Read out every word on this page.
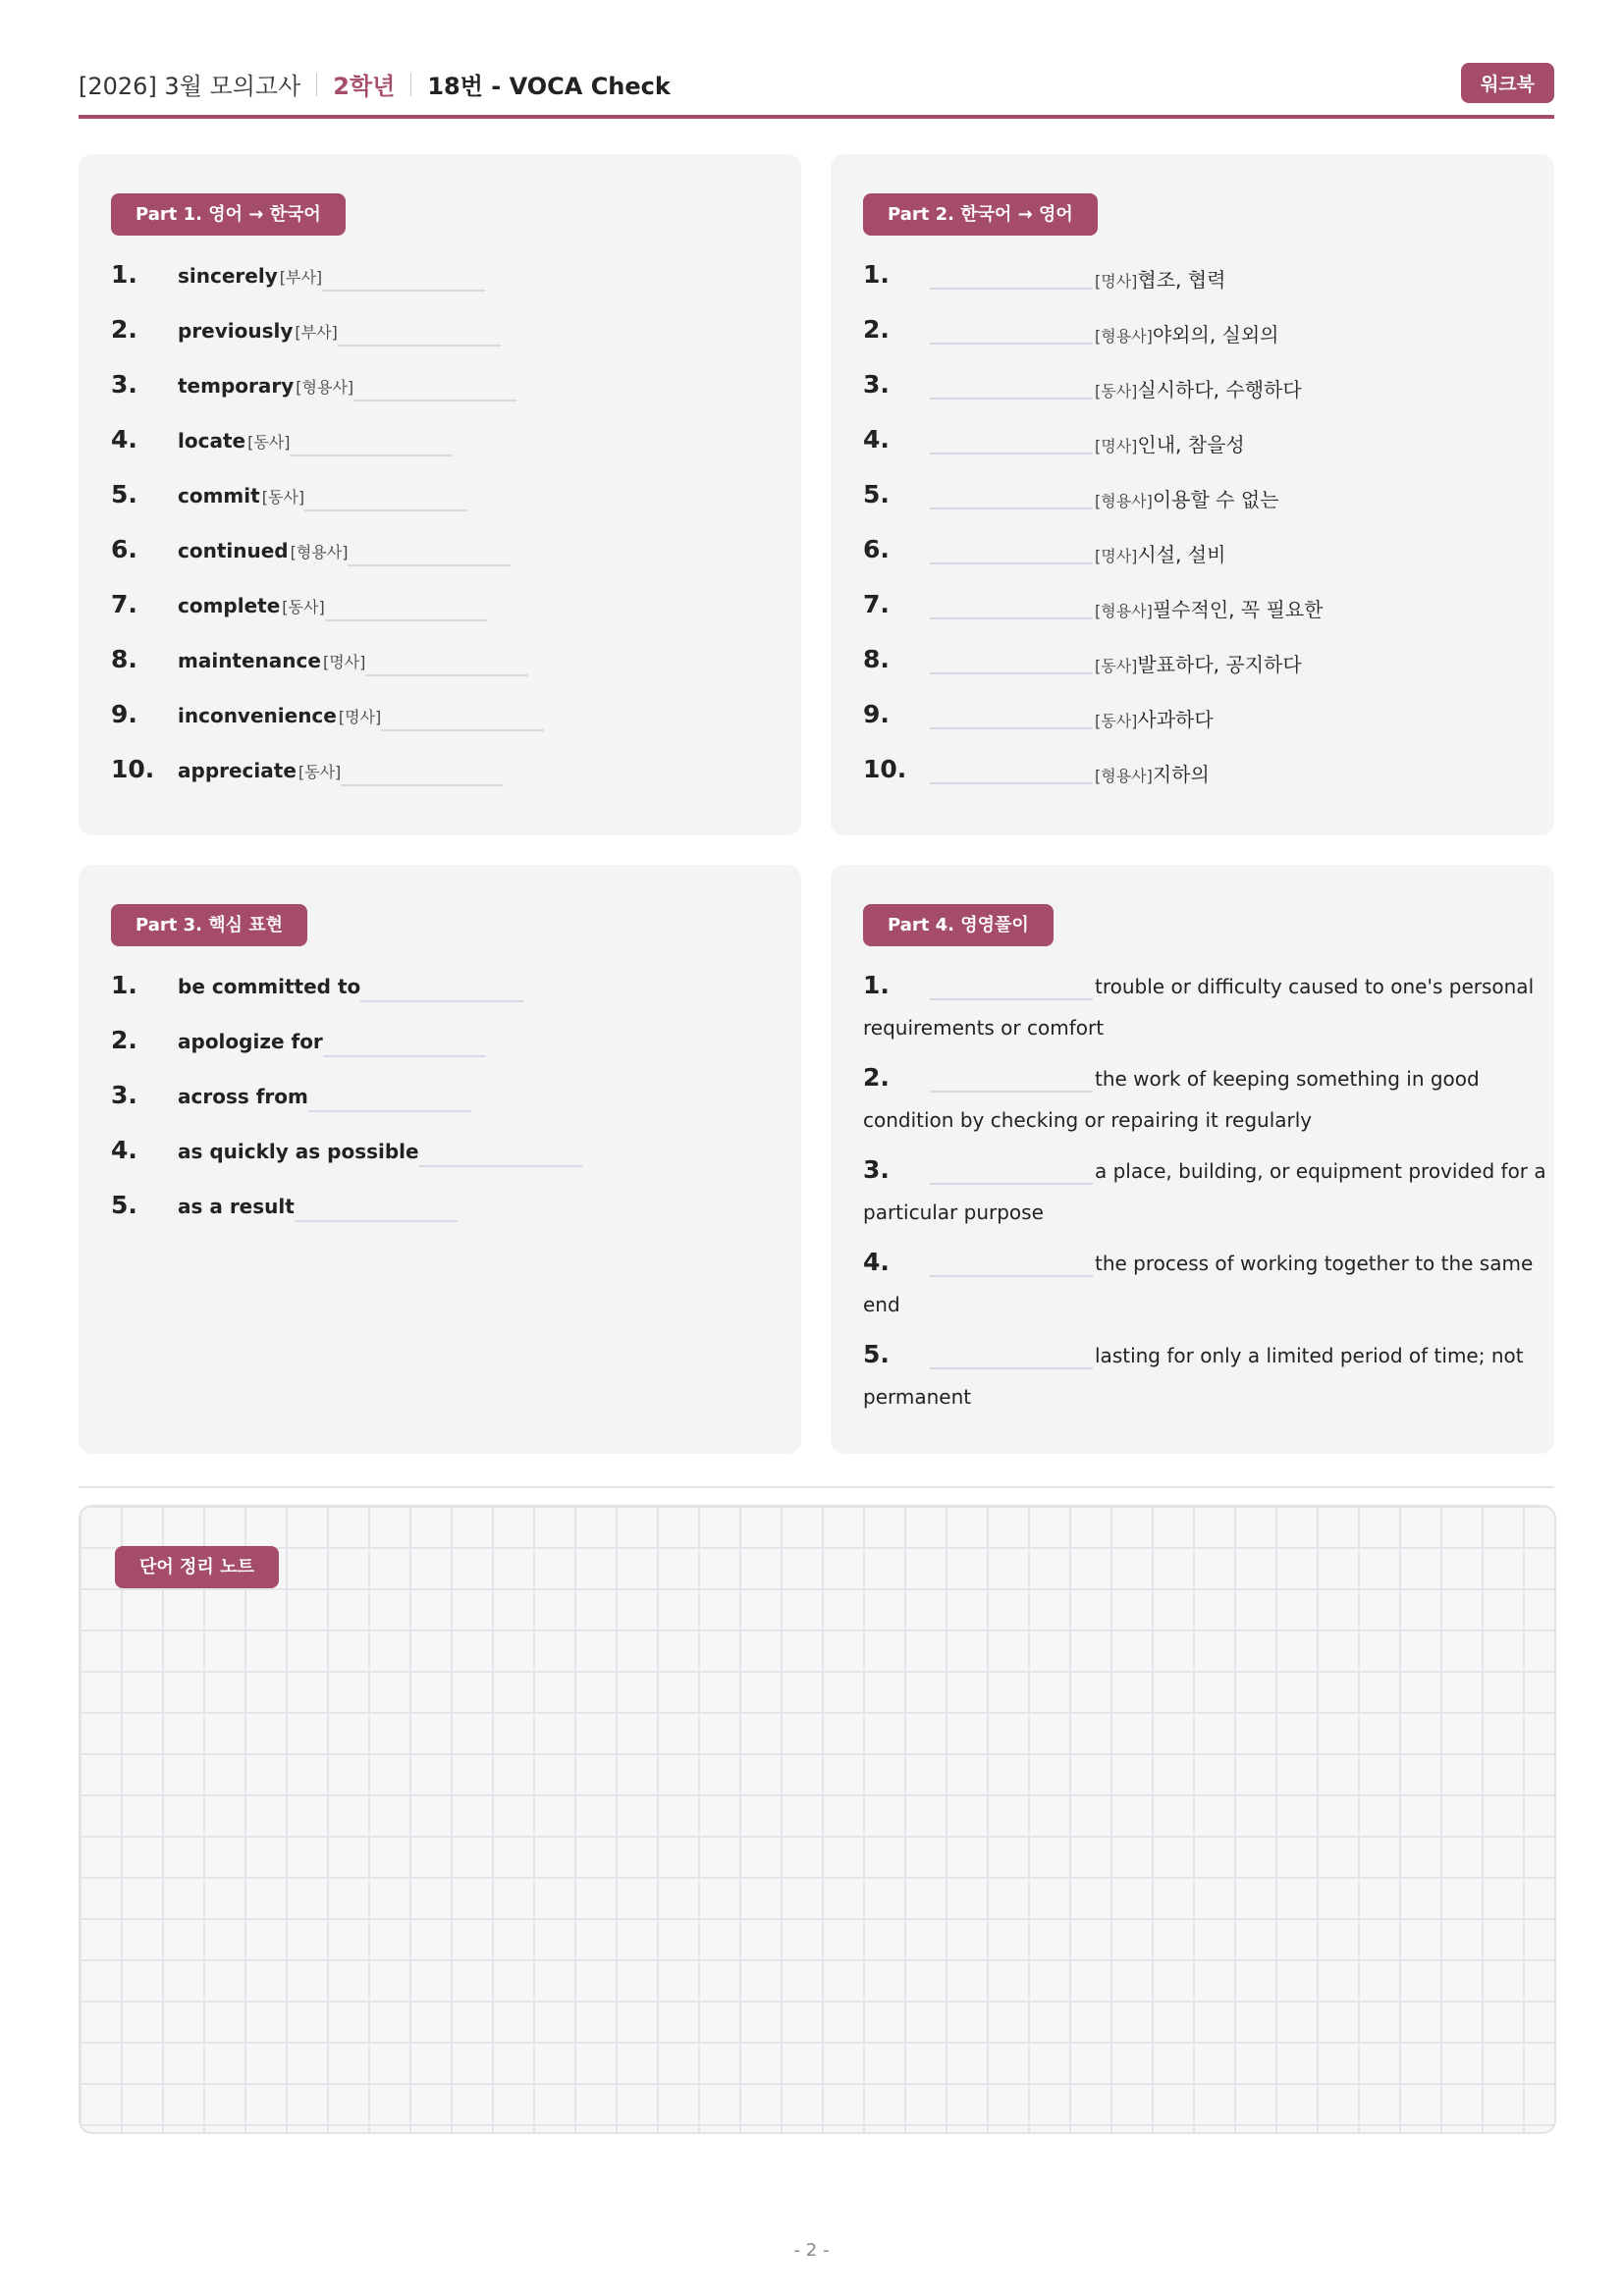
[2026] 3월 모의고사 2학년 18번 - VOCA Check	워크북
Part 1. 영어 → 한국어
1. sincerely [부사]
2. previously [부사]
3. temporary [형용사]
4. locate [동사]
5. commit [동사]
6. continued [형용사]
7. complete [동사]
8. maintenance [명사]
9. inconvenience [명사]
10. appreciate [동사]
Part 2. 한국어 → 영어
1.	[명사]협조, 협력
2.	[형용사]야외의, 실외의
3.	[동사]실시하다, 수행하다
4.	[명사]인내, 참을성
5.	[형용사]이용할 수 없는
6.	[명사]시설, 설비
7.	[형용사]필수적인, 꼭 필요한
8.	[동사]발표하다, 공지하다
9.	[동사]사과하다
10.	[형용사]지하의
Part 3. 핵심 표현
1. be committed to
2. apologize for
3. across from
4. as quickly as possible
5. as a result
Part 4. 영영풀이
1.	trouble or difficulty caused to one's personal
requirements or comfort
2.	the work of keeping something in good
condition by checking or repairing it regularly
3.	a place, building, or equipment provided for a
particular purpose
4.	the process of working together to the same
end
5.	lasting for only a limited period of time; not
permanent
단어 정리 노트
- 2 -
